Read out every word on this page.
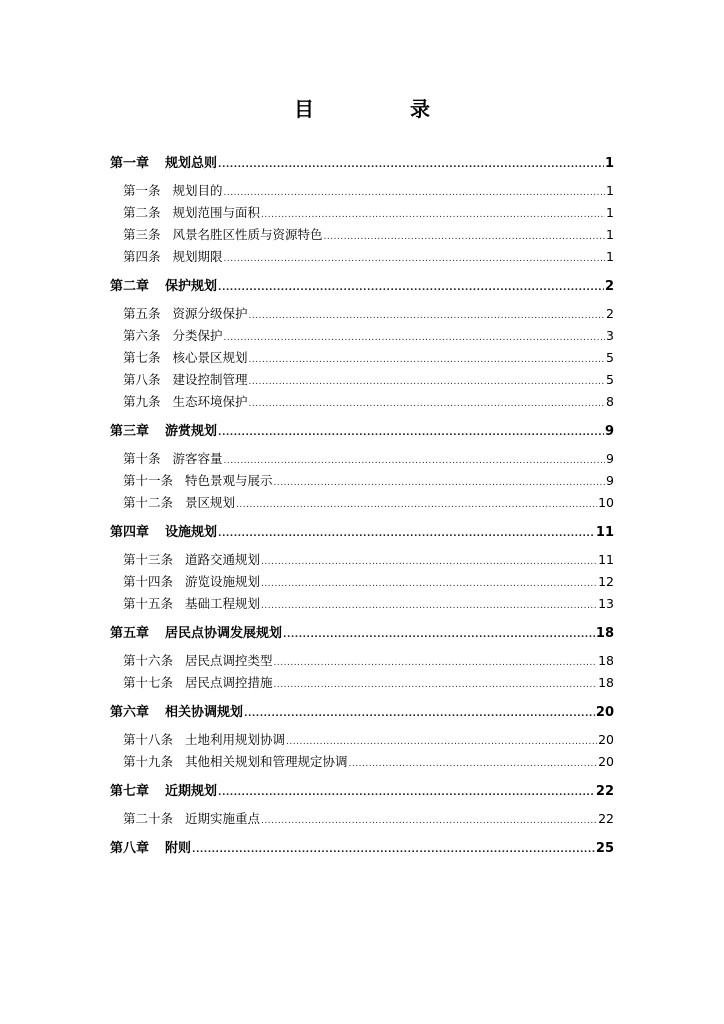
目　录
第一章 规划总则 .....	1
第一条 规划目的 .....	1
第二条 规划范围与面积 .....	1
第三条 风景名胜区性质与资源特色 .....	1
第四条 规划期限 .....	1
第二章 保护规划 .....	2
第五条 资源分级保护 .....	2
第六条 分类保护 .....	3
第七条 核心景区规划 .....	5
第八条 建设控制管理 .....	5
第九条 生态环境保护 .....	8
第三章 游赏规划 .....	9
第十条 游客容量 .....	9
第十一条 特色景观与展示 .....	9
第十二条 景区规划 .....	10
第四章 设施规划 .....	11
第十三条 道路交通规划 .....	11
第十四条 游览设施规划 .....	12
第十五条 基础工程规划 .....	13
第五章 居民点协调发展规划 .....	18
第十六条 居民点调控类型 .....	18
第十七条 居民点调控措施 .....	18
第六章 相关协调规划 .....	20
第十八条 土地利用规划协调 .....	20
第十九条 其他相关规划和管理规定协调 .....	20
第七章 近期规划 .....	22
第二十条 近期实施重点 .....	22
第八章 附则 .....	25
